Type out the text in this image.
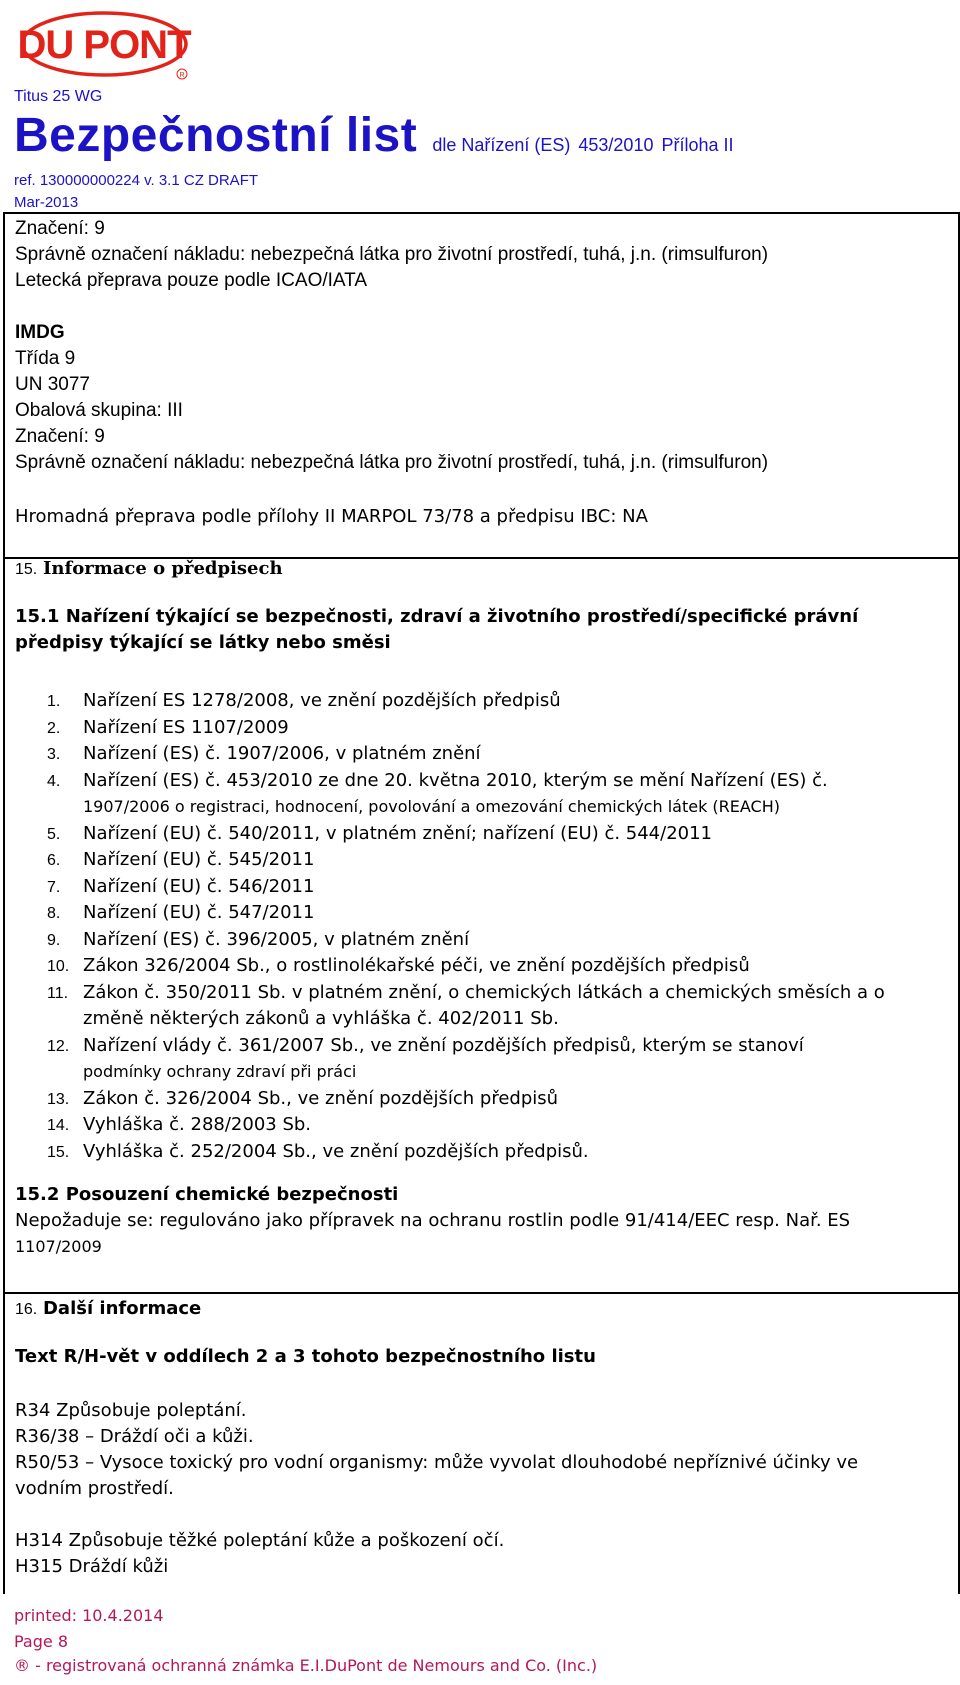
DU PONT
R
Titus 25 WG
Bezpečnostní list dle Nařízení (ES) 453/2010 Příloha II
ref. 130000000224 v. 3.1 CZ DRAFT
Mar-2013
Značení: 9
Správně označení nákladu: nebezpečná látka pro životní prostředí, tuhá, j.n. (rimsulfuron)
Letecká přeprava pouze podle ICAO/IATA
IMDG
Třída 9
UN 3077
Obalová skupina: III
Značení: 9
Správně označení nákladu: nebezpečná látka pro životní prostředí, tuhá, j.n. (rimsulfuron)
Hromadná přeprava podle přílohy II MARPOL 73/78 a předpisu IBC: NA
15. Informace o předpisech
15.1 Nařízení týkající se bezpečnosti, zdraví a životního prostředí/specifické právní
předpisy týkající se látky nebo směsi
1. Nařízení ES 1278/2008, ve znění pozdějších předpisů
2. Nařízení ES 1107/2009
3. Nařízení (ES) č. 1907/2006, v platném znění
4. Nařízení (ES) č. 453/2010 ze dne 20. května 2010, kterým se mění Nařízení (ES) č.
1907/2006 o registraci, hodnocení, povolování a omezování chemických látek (REACH)
5. Nařízení (EU) č. 540/2011, v platném znění; nařízení (EU) č. 544/2011
6. Nařízení (EU) č. 545/2011
7. Nařízení (EU) č. 546/2011
8. Nařízení (EU) č. 547/2011
9. Nařízení (ES) č. 396/2005, v platném znění
10. Zákon 326/2004 Sb., o rostlinolékařské péči, ve znění pozdějších předpisů
11. Zákon č. 350/2011 Sb. v platném znění, o chemických látkách a chemických směsích a o
změně některých zákonů a vyhláška č. 402/2011 Sb.
12. Nařízení vlády č. 361/2007 Sb., ve znění pozdějších předpisů, kterým se stanoví
podmínky ochrany zdraví při práci
13. Zákon č. 326/2004 Sb., ve znění pozdějších předpisů
14. Vyhláška č. 288/2003 Sb.
15. Vyhláška č. 252/2004 Sb., ve znění pozdějších předpisů.
15.2 Posouzení chemické bezpečnosti
Nepožaduje se: regulováno jako přípravek na ochranu rostlin podle 91/414/EEC resp. Nař. ES
1107/2009
16. Další informace
Text R/H-vět v oddílech 2 a 3 tohoto bezpečnostního listu
R34 Způsobuje poleptání.
R36/38 – Dráždí oči a kůži.
R50/53 – Vysoce toxický pro vodní organismy: může vyvolat dlouhodobé nepříznivé účinky ve
vodním prostředí.
H314 Způsobuje těžké poleptání kůže a poškození očí.
H315 Dráždí kůži
printed: 10.4.2014
Page 8
® - registrovaná ochranná známka E.I.DuPont de Nemours and Co. (Inc.)
